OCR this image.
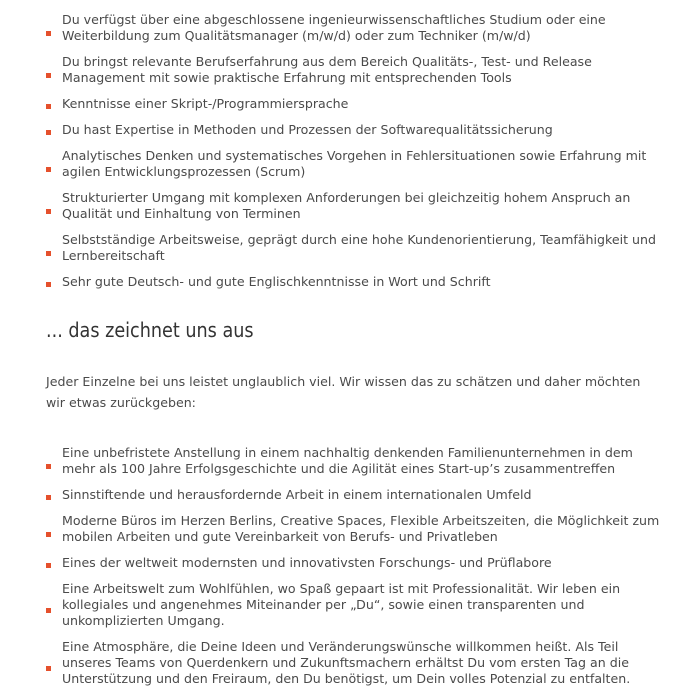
Du verfügst über eine abgeschlossene ingenieurwissenschaftliches Studium oder eine Weiterbildung zum Qualitätsmanager (m/w/d) oder zum Techniker (m/w/d)
Du bringst relevante Berufserfahrung aus dem Bereich Qualitäts-, Test- und Release Management mit sowie praktische Erfahrung mit entsprechenden Tools
Kenntnisse einer Skript-/Programmiersprache
Du hast Expertise in Methoden und Prozessen der Softwarequalitätssicherung
Analytisches Denken und systematisches Vorgehen in Fehlersituationen sowie Erfahrung mit agilen Entwicklungsprozessen (Scrum)
Strukturierter Umgang mit komplexen Anforderungen bei gleichzeitig hohem Anspruch an Qualität und Einhaltung von Terminen
Selbstständige Arbeitsweise, geprägt durch eine hohe Kundenorientierung, Teamfähigkeit und Lernbereitschaft
Sehr gute Deutsch- und gute Englischkenntnisse in Wort und Schrift
... das zeichnet uns aus

Jeder Einzelne bei uns leistet unglaublich viel. Wir wissen das zu schätzen und daher möchten wir etwas zurückgeben:

Eine unbefristete Anstellung in einem nachhaltig denkenden Familienunternehmen in dem mehr als 100 Jahre Erfolgsgeschichte und die Agilität eines Start-up’s zusammentreffen
Sinnstiftende und herausfordernde Arbeit in einem internationalen Umfeld
Moderne Büros im Herzen Berlins, Creative Spaces, Flexible Arbeitszeiten, die Möglichkeit zum mobilen Arbeiten und gute Vereinbarkeit von Berufs- und Privatleben
Eines der weltweit modernsten und innovativsten Forschungs- und Prüflabore
Eine Arbeitswelt zum Wohlfühlen, wo Spaß gepaart ist mit Professionalität. Wir leben ein kollegiales und angenehmes Miteinander per „Du“, sowie einen transparenten und unkomplizierten Umgang.
Eine Atmosphäre, die Deine Ideen und Veränderungswünsche willkommen heißt. Als Teil unseres Teams von Querdenkern und Zukunftsmachern erhältst Du vom ersten Tag an die Unterstützung und den Freiraum, den Du benötigst, um Dein volles Potenzial zu entfalten.
